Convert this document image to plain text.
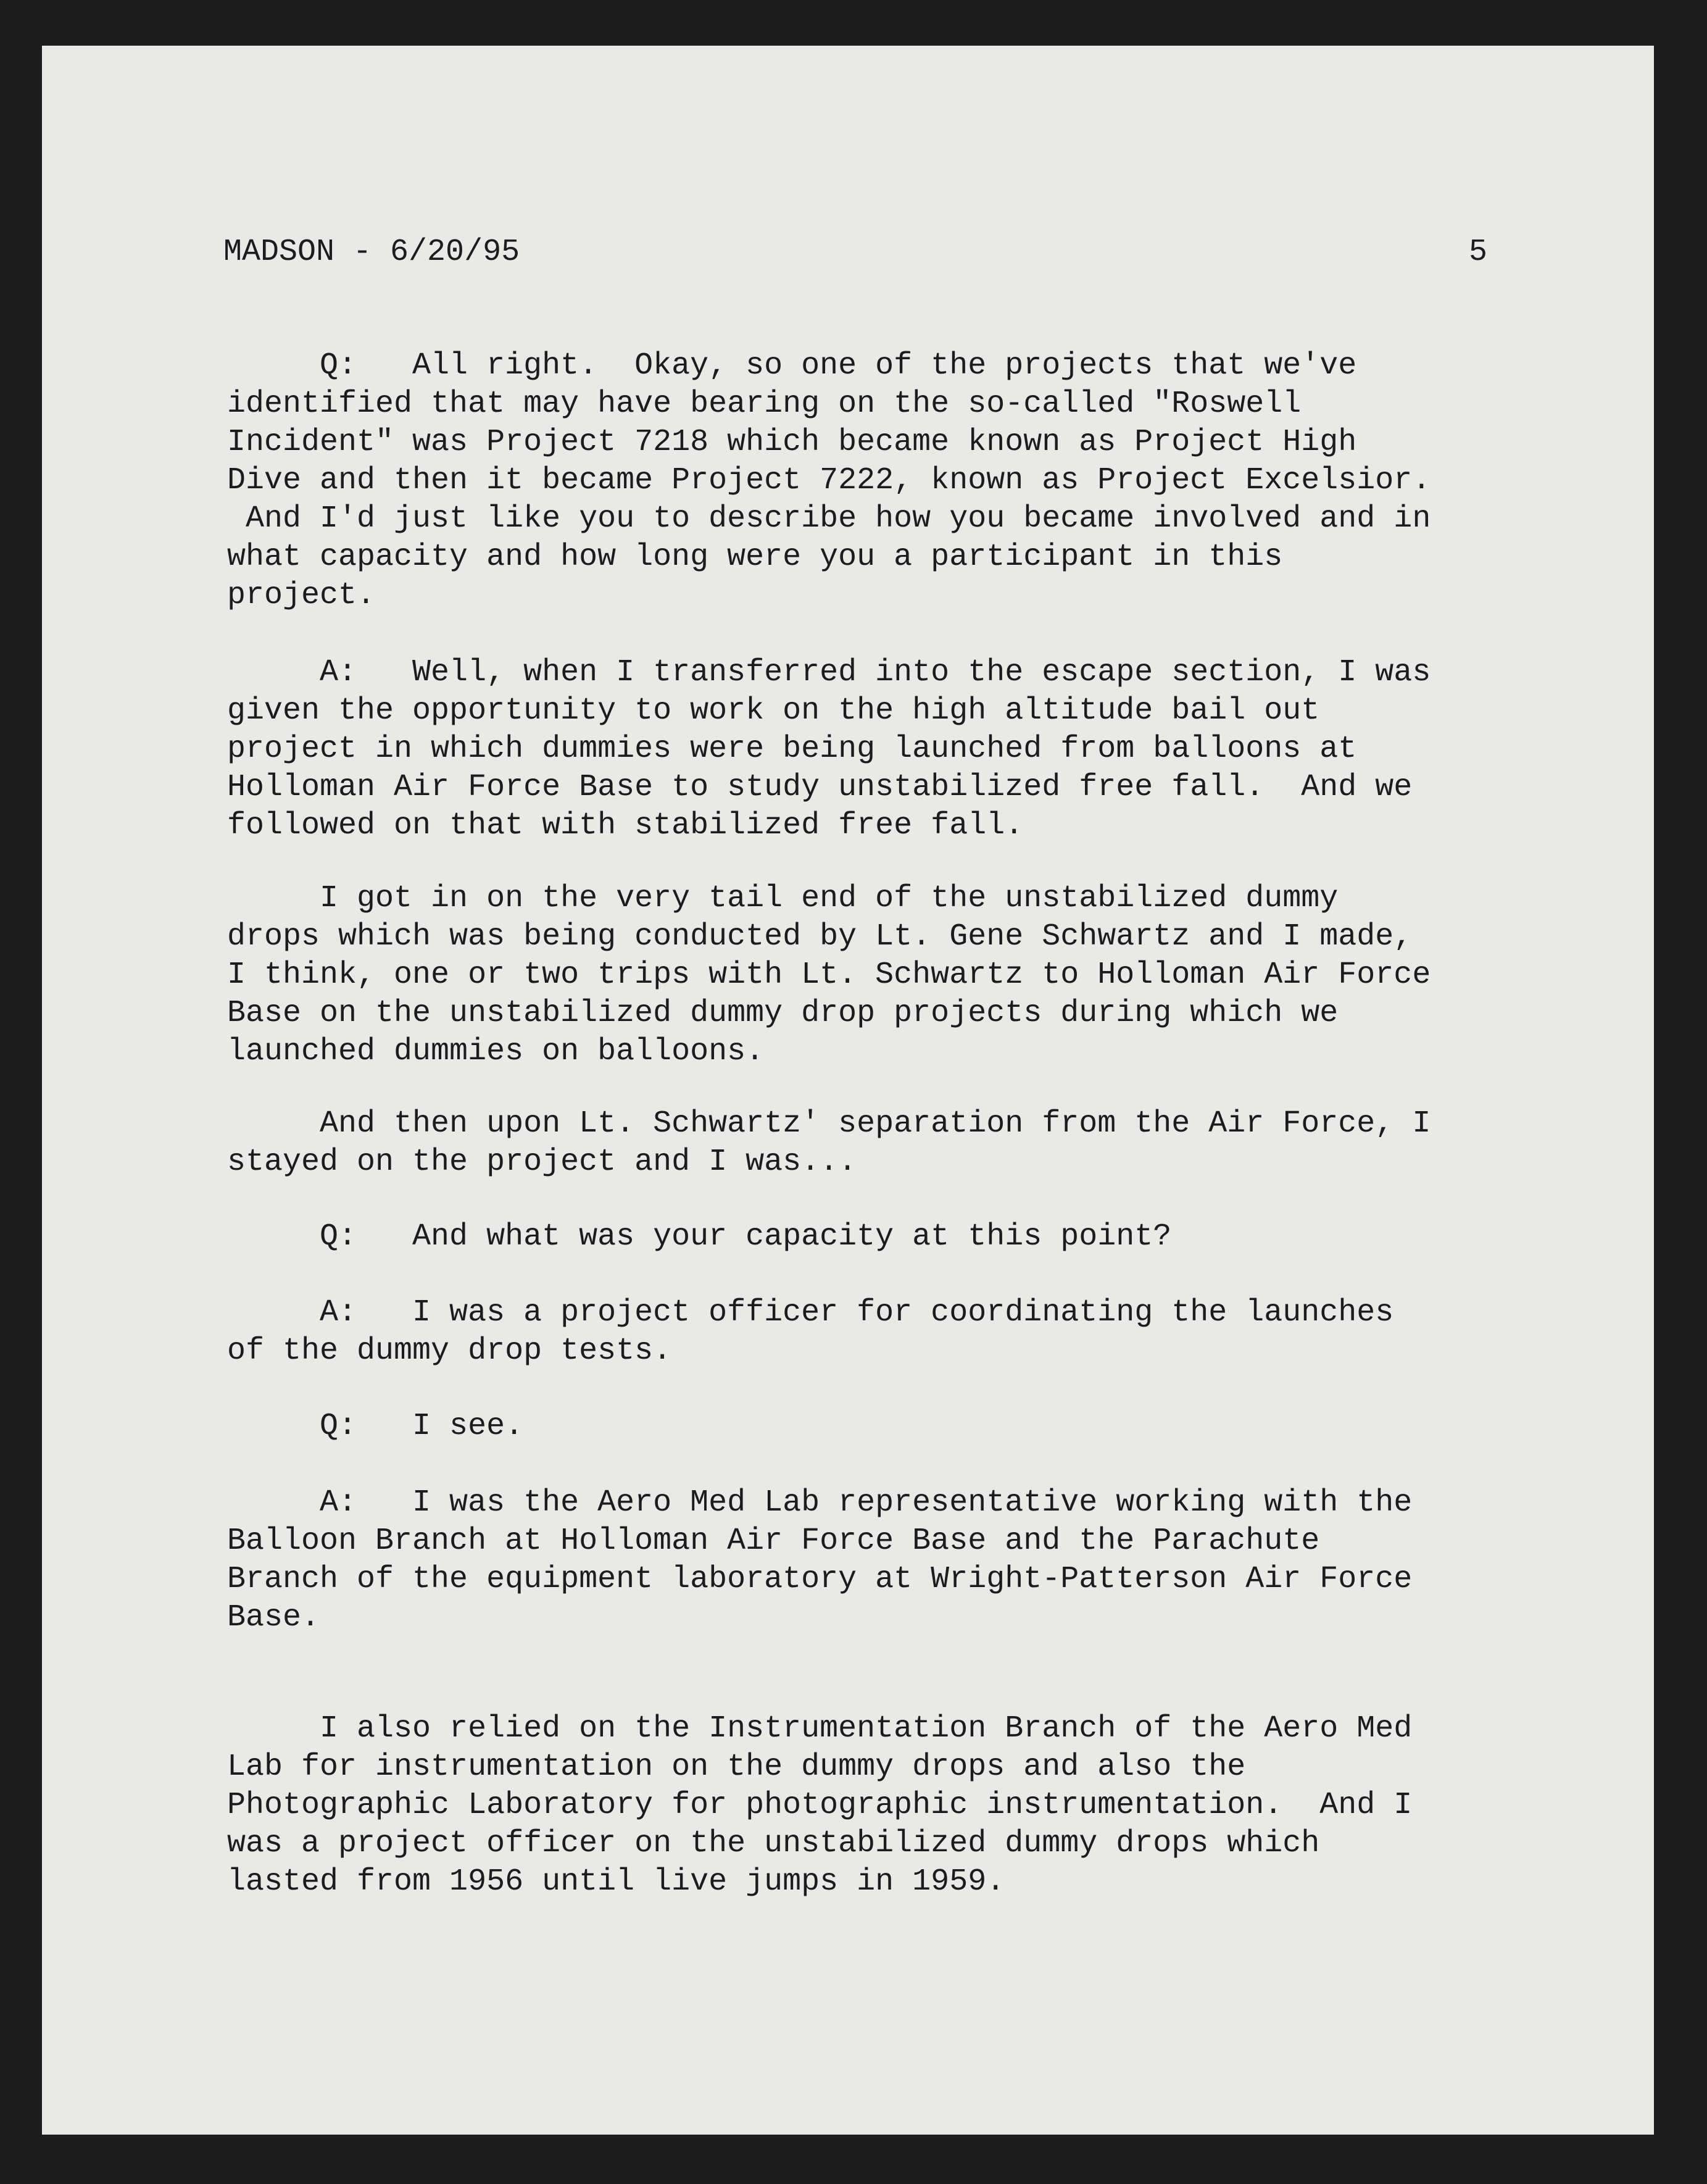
MADSON - 6/20/95	5
Q:   All right.  Okay, so one of the projects that we've
identified that may have bearing on the so-called "Roswell
Incident" was Project 7218 which became known as Project High
Dive and then it became Project 7222, known as Project Excelsior.
And I'd just like you to describe how you became involved and in
what capacity and how long were you a participant in this
project.
A:   Well, when I transferred into the escape section, I was
given the opportunity to work on the high altitude bail out
project in which dummies were being launched from balloons at
Holloman Air Force Base to study unstabilized free fall.  And we
followed on that with stabilized free fall.
I got in on the very tail end of the unstabilized dummy
drops which was being conducted by Lt. Gene Schwartz and I made,
I think, one or two trips with Lt. Schwartz to Holloman Air Force
Base on the unstabilized dummy drop projects during which we
launched dummies on balloons.
And then upon Lt. Schwartz' separation from the Air Force, I
stayed on the project and I was...
Q:   And what was your capacity at this point?
A:   I was a project officer for coordinating the launches
of the dummy drop tests.
Q:   I see.
A:   I was the Aero Med Lab representative working with the
Balloon Branch at Holloman Air Force Base and the Parachute
Branch of the equipment laboratory at Wright-Patterson Air Force
Base.
I also relied on the Instrumentation Branch of the Aero Med
Lab for instrumentation on the dummy drops and also the
Photographic Laboratory for photographic instrumentation.  And I
was a project officer on the unstabilized dummy drops which
lasted from 1956 until live jumps in 1959.
